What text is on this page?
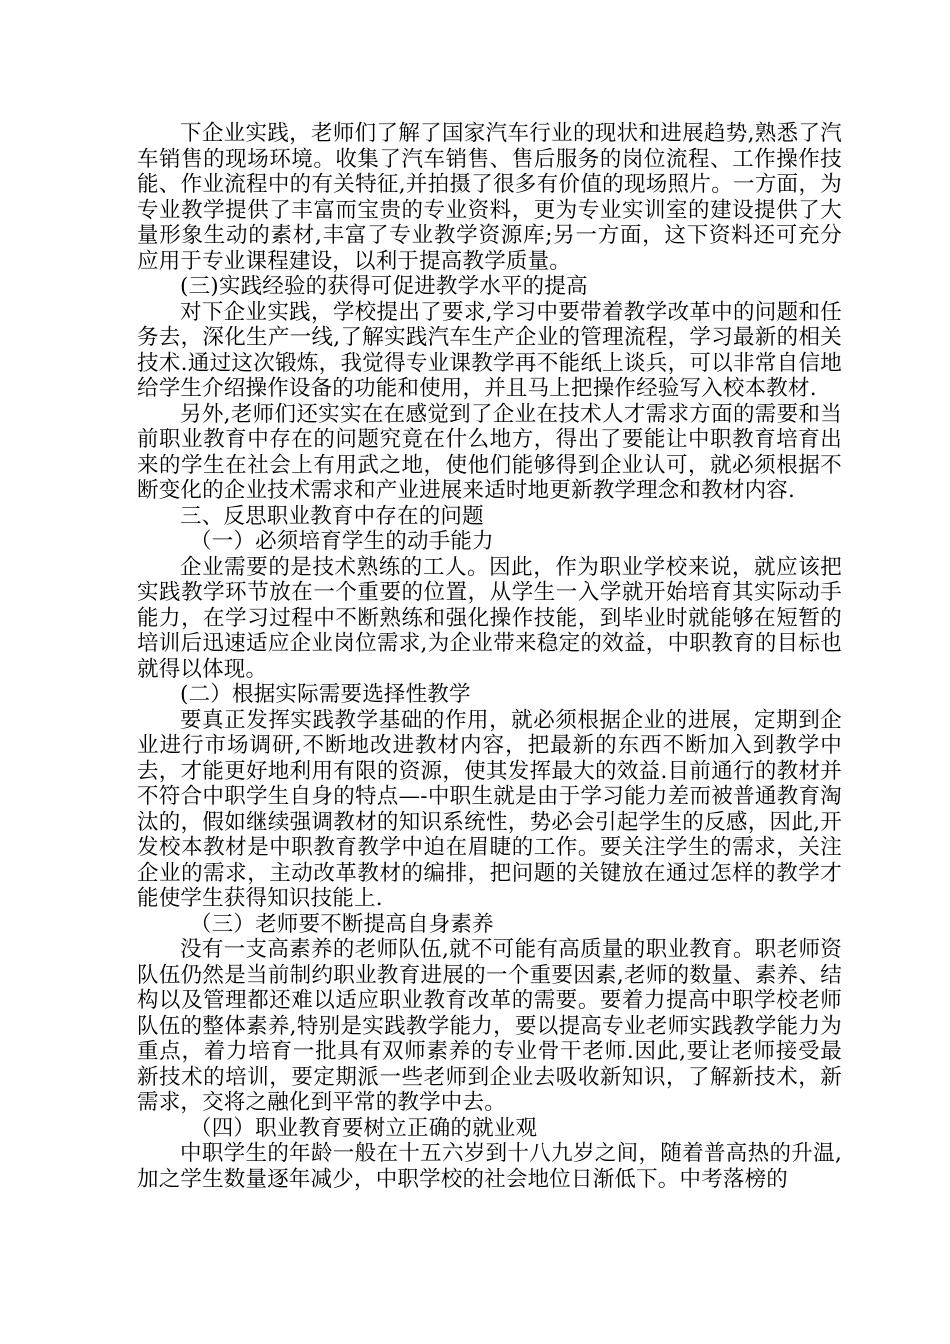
下企业实践，老师们了解了国家汽车行业的现状和进展趋势,熟悉了汽车销售的现场环境。收集了汽车销售、售后服务的岗位流程、工作操作技能、作业流程中的有关特征,并拍摄了很多有价值的现场照片。一方面，为专业教学提供了丰富而宝贵的专业资料，更为专业实训室的建设提供了大量形象生动的素材,丰富了专业教学资源库;另一方面，这下资料还可充分应用于专业课程建设，以利于提高教学质量。

(三)实践经验的获得可促进教学水平的提高

对下企业实践，学校提出了要求,学习中要带着教学改革中的问题和任务去，深化生产一线,了解实践汽车生产企业的管理流程，学习最新的相关技术.通过这次锻炼，我觉得专业课教学再不能纸上谈兵，可以非常自信地给学生介绍操作设备的功能和使用，并且马上把操作经验写入校本教材.

另外,老师们还实实在在感觉到了企业在技术人才需求方面的需要和当前职业教育中存在的问题究竟在什么地方，得出了要能让中职教育培育出来的学生在社会上有用武之地，使他们能够得到企业认可，就必须根据不断变化的企业技术需求和产业进展来适时地更新教学理念和教材内容.

三、反思职业教育中存在的问题

（一）必须培育学生的动手能力

企业需要的是技术熟练的工人。因此，作为职业学校来说，就应该把实践教学环节放在一个重要的位置，从学生一入学就开始培育其实际动手能力，在学习过程中不断熟练和强化操作技能，到毕业时就能够在短暂的培训后迅速适应企业岗位需求,为企业带来稳定的效益，中职教育的目标也就得以体现。

(二）根据实际需要选择性教学

要真正发挥实践教学基础的作用，就必须根据企业的进展，定期到企业进行市场调研,不断地改进教材内容，把最新的东西不断加入到教学中去，才能更好地利用有限的资源，使其发挥最大的效益.目前通行的教材并不符合中职学生自身的特点—-中职生就是由于学习能力差而被普通教育淘汰的，假如继续强调教材的知识系统性，势必会引起学生的反感，因此,开发校本教材是中职教育教学中迫在眉睫的工作。要关注学生的需求，关注企业的需求，主动改革教材的编排，把问题的关键放在通过怎样的教学才能使学生获得知识技能上.

（三）老师要不断提高自身素养

没有一支高素养的老师队伍,就不可能有高质量的职业教育。职老师资队伍仍然是当前制约职业教育进展的一个重要因素,老师的数量、素养、结构以及管理都还难以适应职业教育改革的需要。要着力提高中职学校老师队伍的整体素养,特别是实践教学能力，要以提高专业老师实践教学能力为重点，着力培育一批具有双师素养的专业骨干老师.因此,要让老师接受最新技术的培训，要定期派一些老师到企业去吸收新知识，了解新技术，新需求，交将之融化到平常的教学中去。

（四）职业教育要树立正确的就业观

中职学生的年龄一般在十五六岁到十八九岁之间，随着普高热的升温,加之学生数量逐年减少，中职学校的社会地位日渐低下。中考落榜的
